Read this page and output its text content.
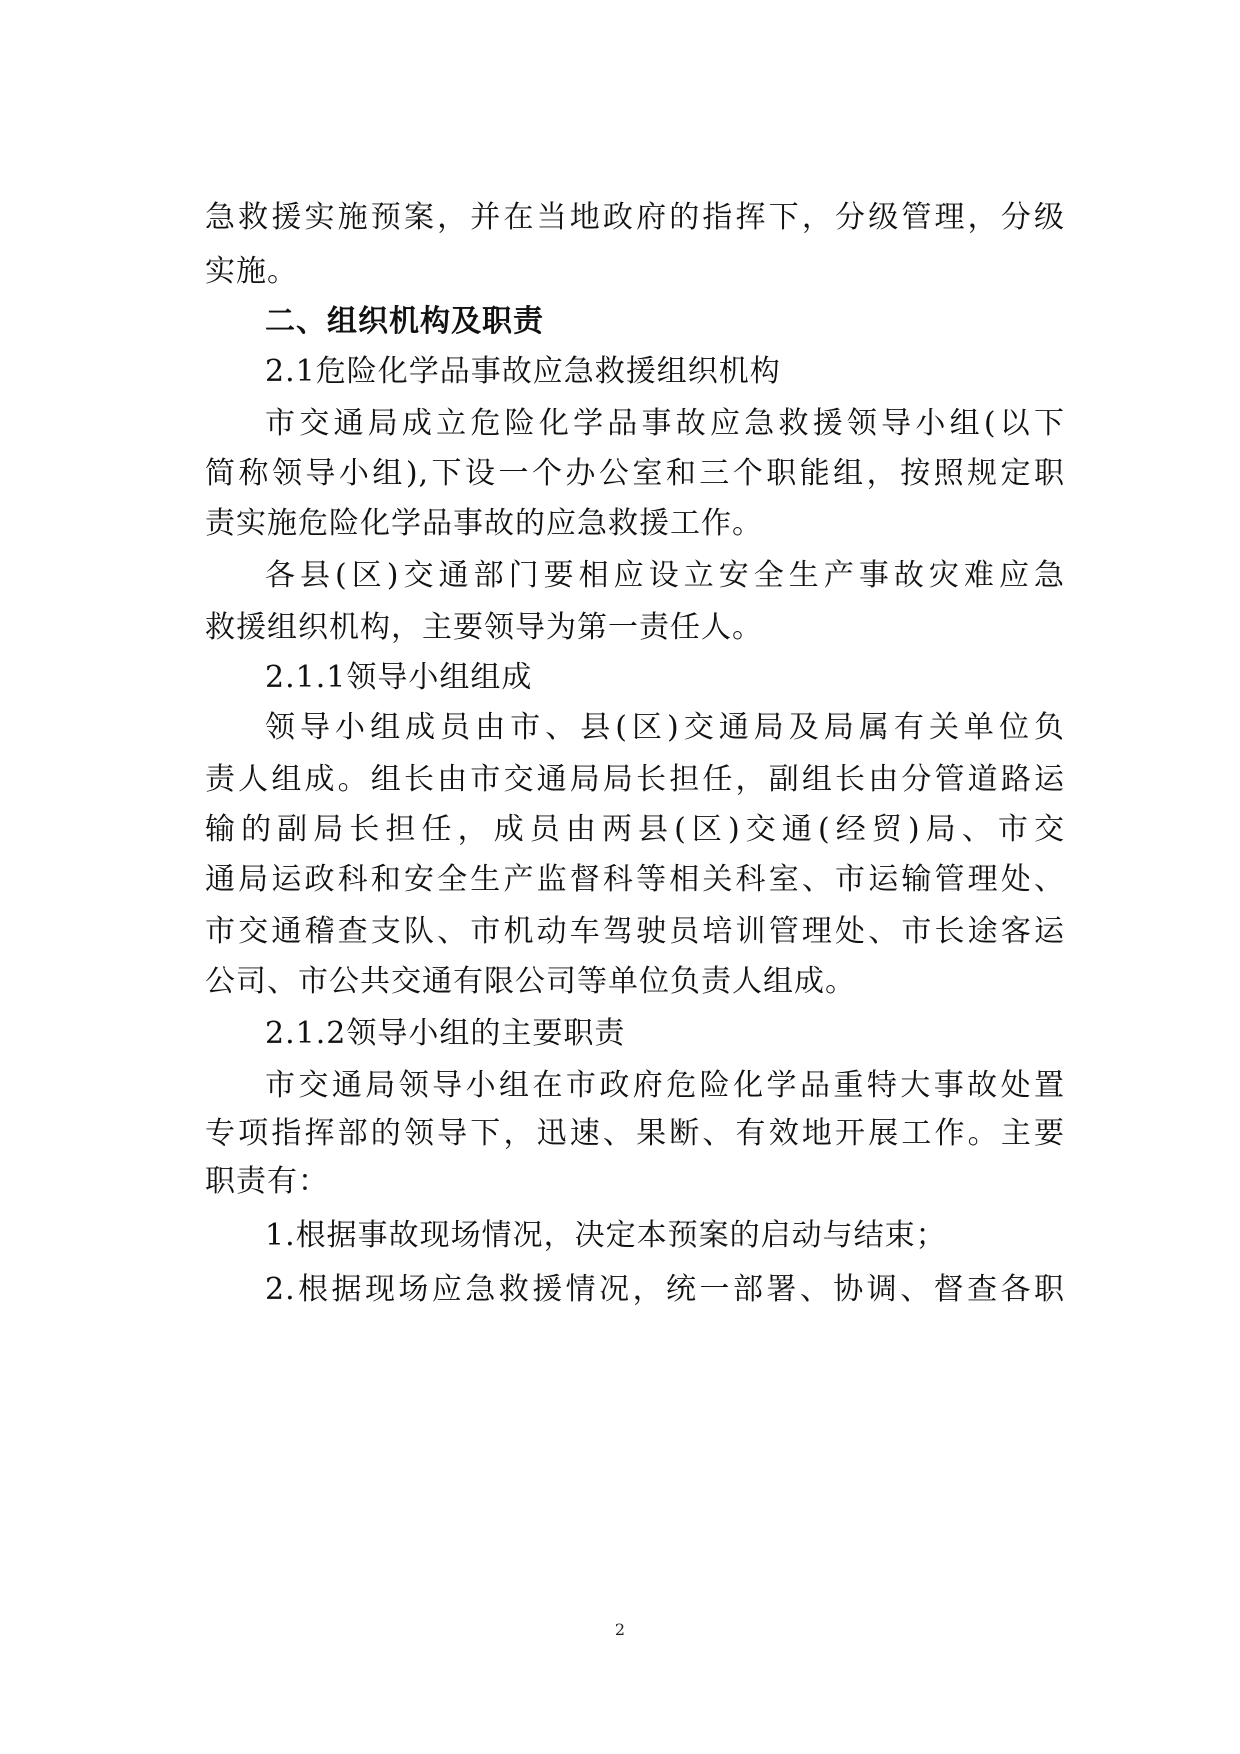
急救援实施预案，并在当地政府的指挥下，分级管理，分级
实施。
二、组织机构及职责
2.1危险化学品事故应急救援组织机构
市交通局成立危险化学品事故应急救援领导小组(以下
简称领导小组),下设一个办公室和三个职能组，按照规定职
责实施危险化学品事故的应急救援工作。
各县(区)交通部门要相应设立安全生产事故灾难应急
救援组织机构，主要领导为第一责任人。
2.1.1领导小组组成
领导小组成员由市、县(区)交通局及局属有关单位负
责人组成。组长由市交通局局长担任，副组长由分管道路运
输的副局长担任，成员由两县(区)交通(经贸)局、市交
通局运政科和安全生产监督科等相关科室、市运输管理处、
市交通稽查支队、市机动车驾驶员培训管理处、市长途客运
公司、市公共交通有限公司等单位负责人组成。
2.1.2领导小组的主要职责
市交通局领导小组在市政府危险化学品重特大事故处置
专项指挥部的领导下，迅速、果断、有效地开展工作。主要
职责有：
1.根据事故现场情况，决定本预案的启动与结束；
2.根据现场应急救援情况，统一部署、协调、督查各职
2
